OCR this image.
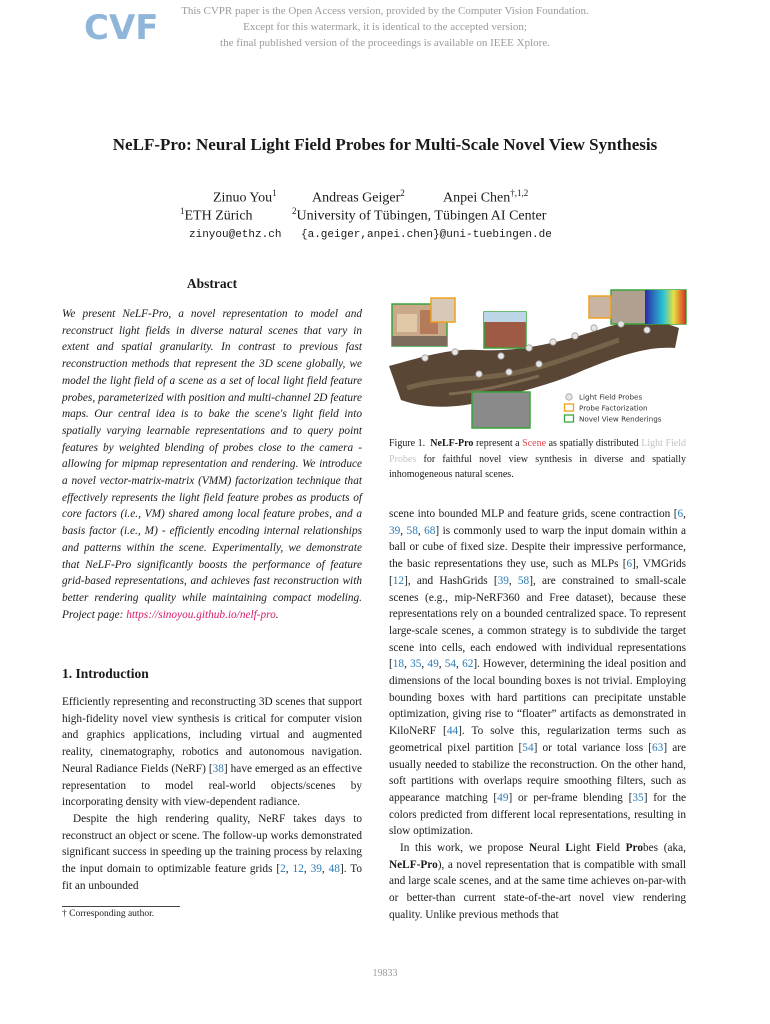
CVF	This CVPR paper is the Open Access version, provided by the Computer Vision Foundation.
Except for this watermark, it is identical to the accepted version;
the final published version of the proceedings is available on IEEE Xplore.
NeLF-Pro: Neural Light Field Probes for Multi-Scale Novel View Synthesis
Zinuo You$^1$	Andreas Geiger$^2$	Anpei Chen$^{\dagger,1,2}$
$^1$ETH Zürich	$^2$University of Tübingen, Tübingen AI Center
zinyou@ethz.ch {a.geiger,anpei.chen}@uni-tuebingen.de
Abstract

We present NeLF-Pro, a novel representation to model and reconstruct light fields in diverse natural scenes that vary in extent and spatial granularity. In contrast to previous fast reconstruction methods that represent the 3D scene globally, we model the light field of a scene as a set of local light field feature probes, parameterized with position and multi-channel 2D feature maps. Our central idea is to bake the scene's light field into spatially varying learnable representations and to query point features by weighted blending of probes close to the camera - allowing for mipmap representation and rendering. We introduce a novel vector-matrix-matrix (VMM) factorization technique that effectively represents the light field feature probes as products of core factors (i.e., VM) shared among local feature probes, and a basis factor (i.e., M) - efficiently encoding internal relationships and patterns within the scene. Experimentally, we demonstrate that NeLF-Pro significantly boosts the performance of feature grid-based representations, and achieves fast reconstruction with better rendering quality while maintaining compact modeling. Project page: https://sinoyou.github.io/nelf-pro.

1. Introduction

Efficiently representing and reconstructing 3D scenes that support high-fidelity novel view synthesis is critical for computer vision and graphics applications, including virtual and augmented reality, cinematography, robotics and autonomous navigation. Neural Radiance Fields (NeRF) [38] have emerged as an effective representation to model real-world objects/scenes by incorporating density with view-dependent radiance.

Despite the high rendering quality, NeRF takes days to reconstruct an object or scene. The follow-up works demonstrated significant success in speeding up the training process by relaxing the input domain to optimizable feature grids [2, 12, 39, 48]. To fit an unbounded

† Corresponding author.
Light Field Probes
Probe Factorization
Novel View Renderings
Figure 1. NeLF-Pro represent a Scene as spatially distributed Light Field Probes for faithful novel view synthesis in diverse and spatially inhomogeneous natural scenes.

scene into bounded MLP and feature grids, scene contraction [6, 39, 58, 68] is commonly used to warp the input domain within a ball or cube of fixed size. Despite their impressive performance, the basic representations they use, such as MLPs [6], VMGrids [12], and HashGrids [39, 58], are constrained to small-scale scenes (e.g., mip-NeRF360 and Free dataset), because these representations rely on a bounded centralized space. To represent large-scale scenes, a common strategy is to subdivide the target scene into cells, each endowed with individual representations [18, 35, 49, 54, 62]. However, determining the ideal position and dimensions of the local bounding boxes is not trivial. Employing bounding boxes with hard partitions can precipitate unstable optimization, giving rise to “floater” artifacts as demonstrated in KiloNeRF [44]. To solve this, regularization terms such as geometrical pixel partition [54] or total variance loss [63] are usually needed to stabilize the reconstruction. On the other hand, soft partitions with overlaps require smoothing filters, such as appearance matching [49] or per-frame blending [35] for the colors predicted from different local representations, resulting in slow optimization.

In this work, we propose Neural Light Field Probes (aka, NeLF-Pro), a novel representation that is compatible with small and large scale scenes, and at the same time achieves on-par-with or better-than current state-of-the-art novel view rendering quality. Unlike previous methods that

19833
